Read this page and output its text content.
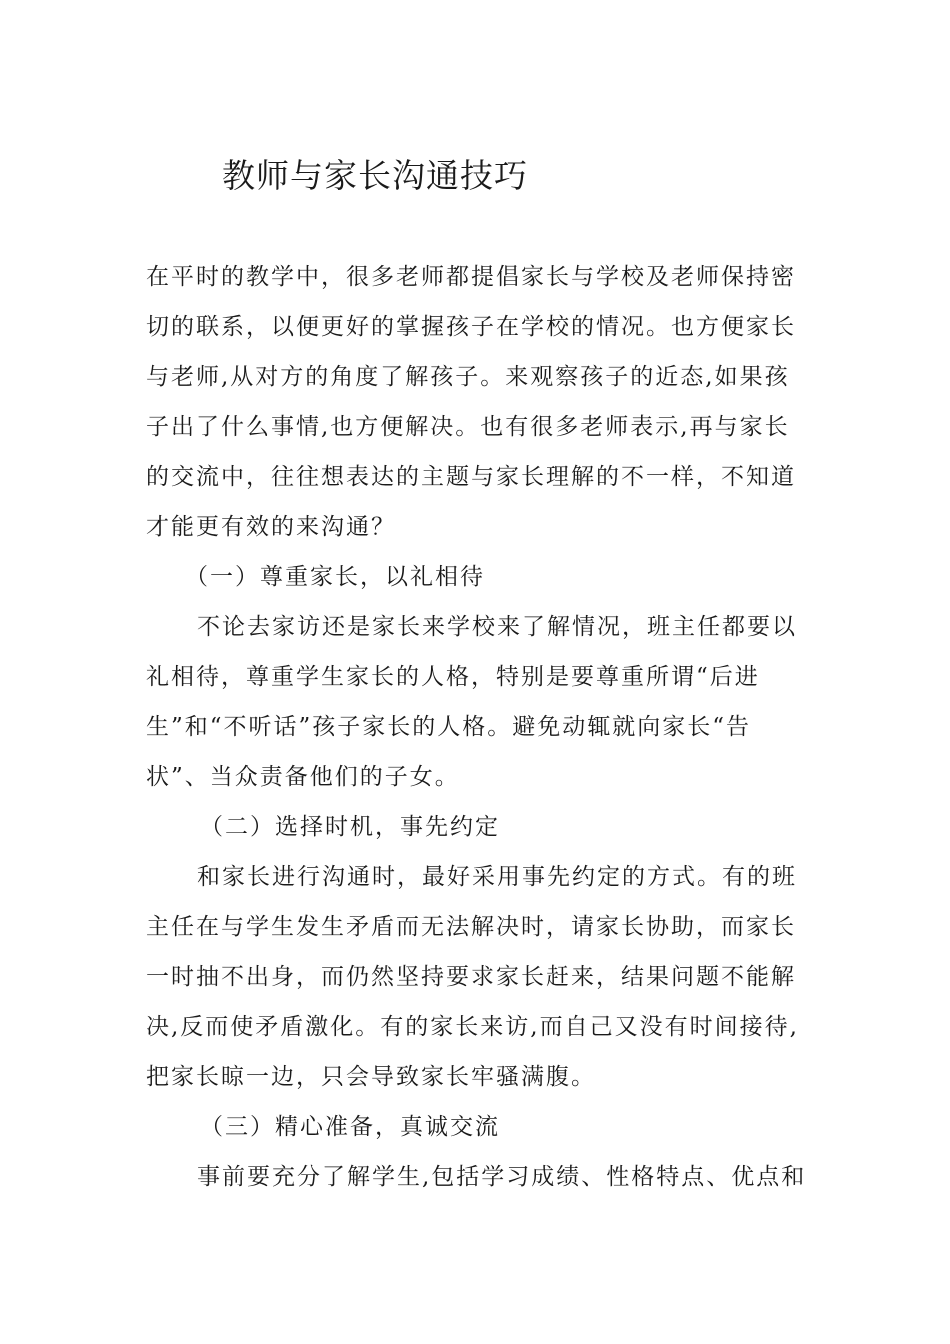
教师与家长沟通技巧
在平时的教学中，很多老师都提倡家长与学校及老师保持密
切的联系，以便更好的掌握孩子在学校的情况。也方便家长
与老师,从对方的角度了解孩子。来观察孩子的近态,如果孩
子出了什么事情,也方便解决。也有很多老师表示,再与家长
的交流中，往往想表达的主题与家长理解的不一样，不知道
才能更有效的来沟通？
（一）尊重家长，以礼相待
不论去家访还是家长来学校来了解情况，班主任都要以
礼相待，尊重学生家长的人格，特别是要尊重所谓“后进
生”和“不听话”孩子家长的人格。避免动辄就向家长“告
状”、当众责备他们的子女。
（二）选择时机，事先约定
和家长进行沟通时，最好采用事先约定的方式。有的班
主任在与学生发生矛盾而无法解决时，请家长协助，而家长
一时抽不出身，而仍然坚持要求家长赶来，结果问题不能解
决,反而使矛盾激化。有的家长来访,而自己又没有时间接待,
把家长晾一边，只会导致家长牢骚满腹。
（三）精心准备，真诚交流
事前要充分了解学生,包括学习成绩、性格特点、优点和
